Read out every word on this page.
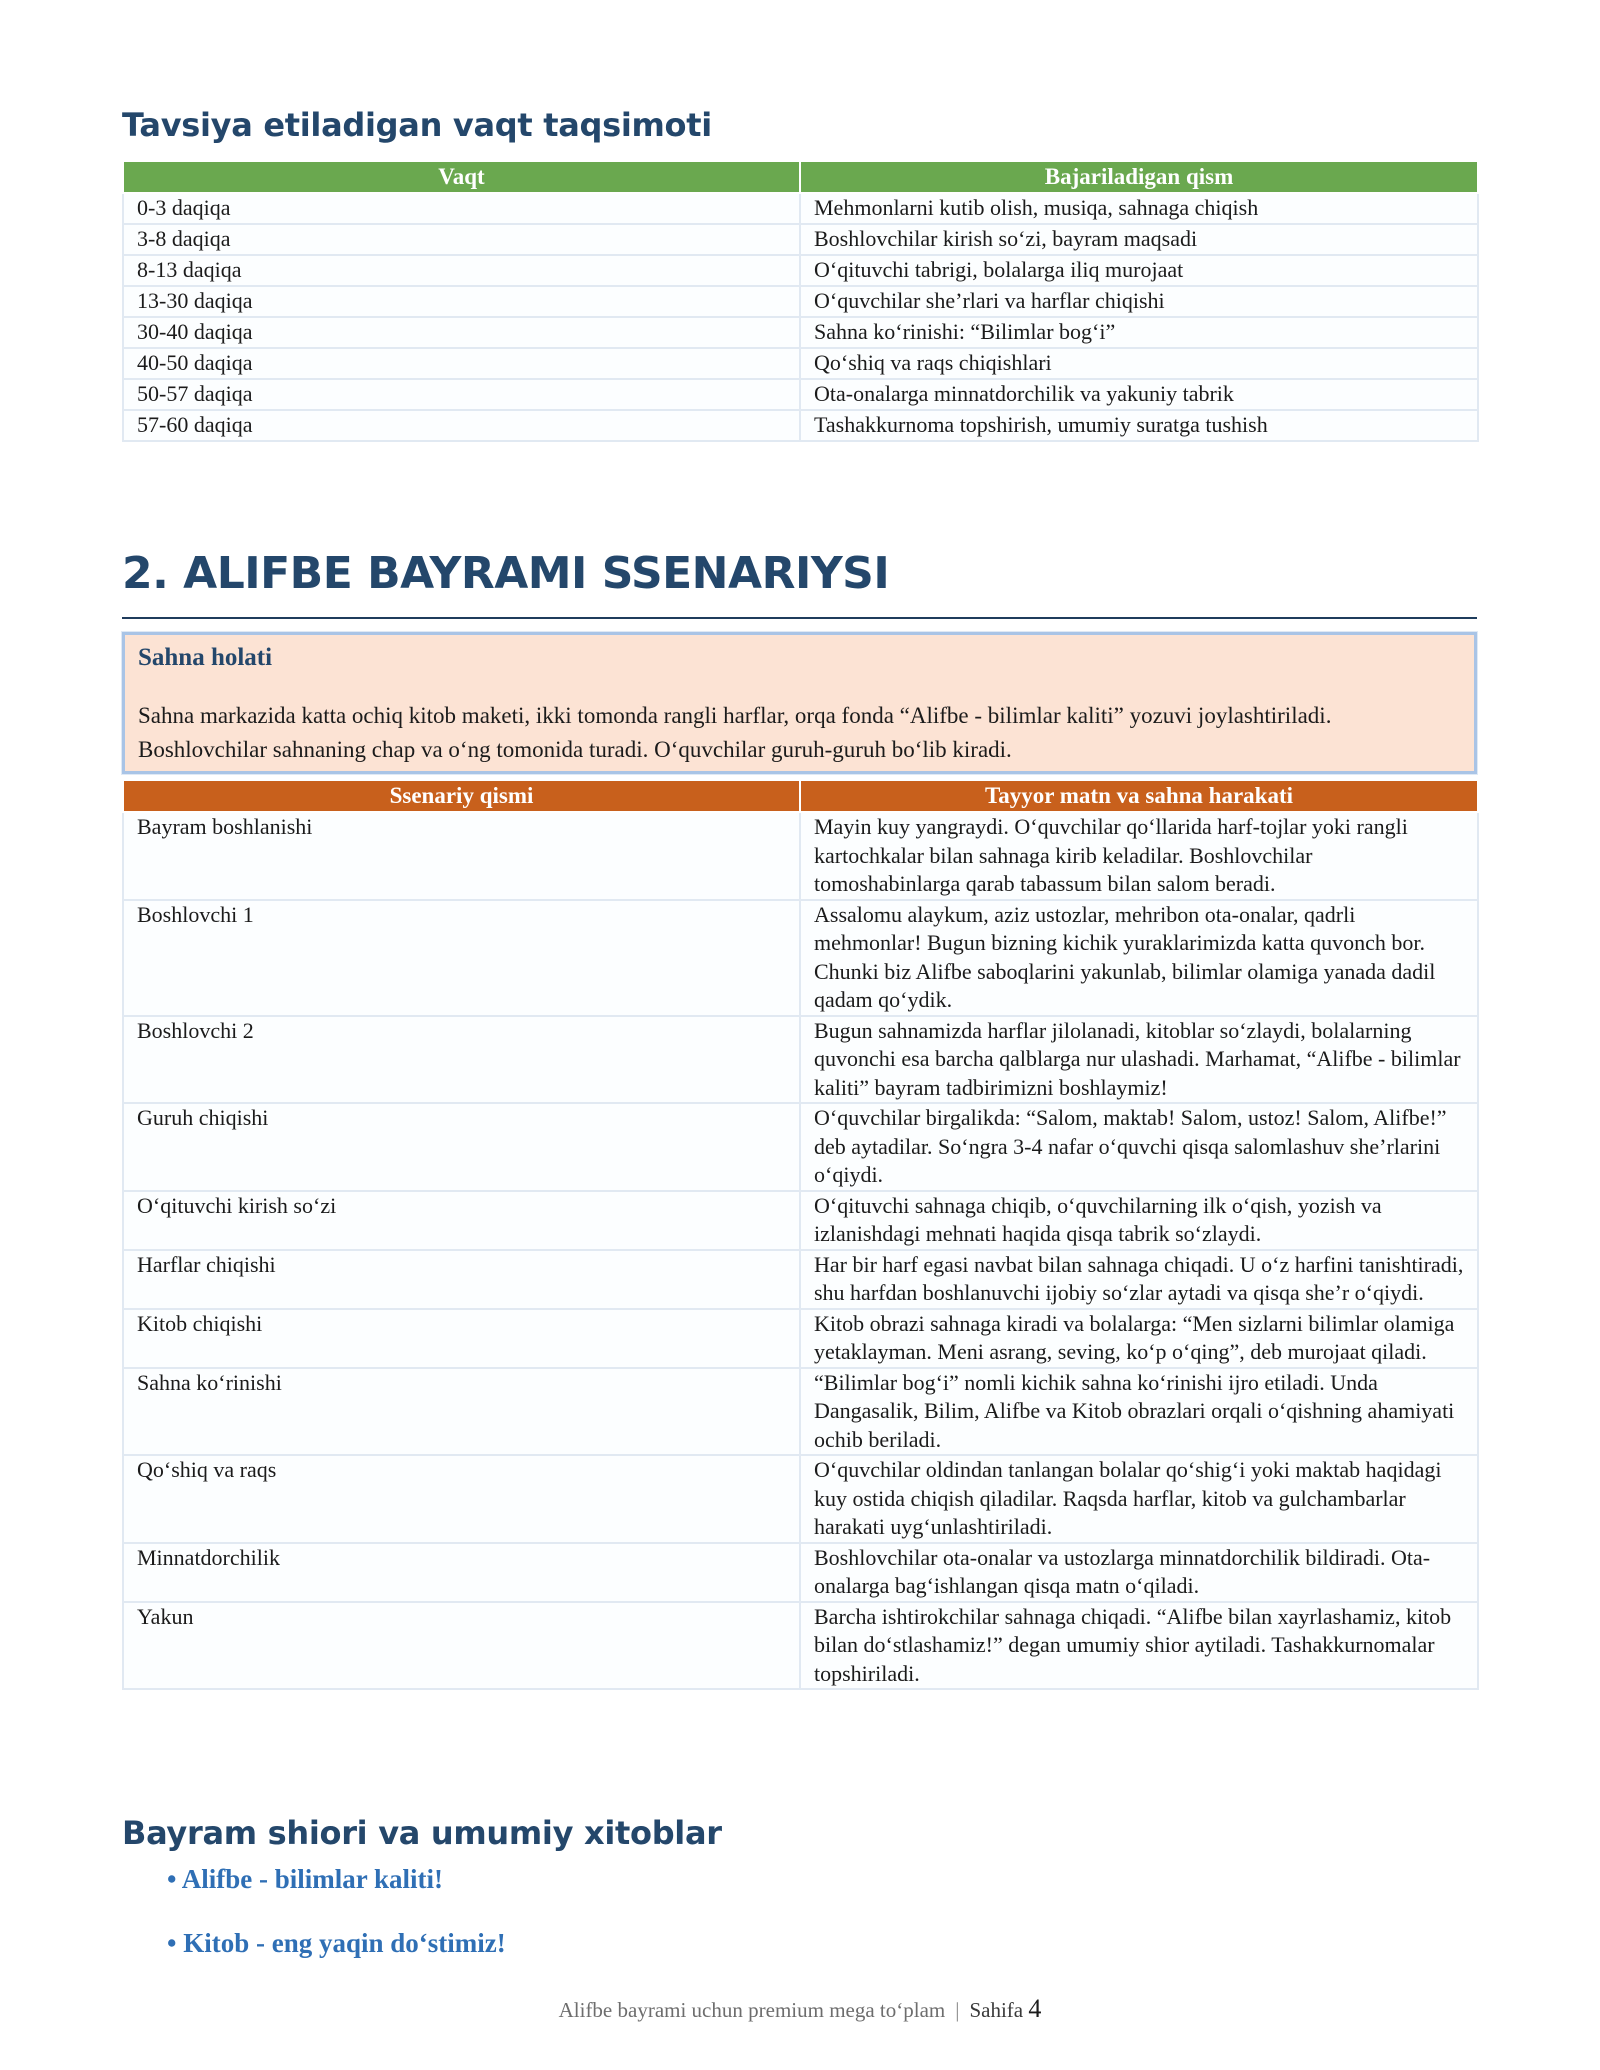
Tavsiya etiladigan vaqt taqsimoti
Vaqt	Bajariladigan qism
0-3 daqiqa	Mehmonlarni kutib olish, musiqa, sahnaga chiqish
3-8 daqiqa	Boshlovchilar kirish so‘zi, bayram maqsadi
8-13 daqiqa	O‘qituvchi tabrigi, bolalarga iliq murojaat
13-30 daqiqa	O‘quvchilar she’rlari va harflar chiqishi
30-40 daqiqa	Sahna ko‘rinishi: “Bilimlar bog‘i”
40-50 daqiqa	Qo‘shiq va raqs chiqishlari
50-57 daqiqa	Ota-onalarga minnatdorchilik va yakuniy tabrik
57-60 daqiqa	Tashakkurnoma topshirish, umumiy suratga tushish
2. ALIFBE BAYRAMI SSENARIYSI
Sahna holati
Sahna markazida katta ochiq kitob maketi, ikki tomonda rangli harflar, orqa fonda “Alifbe - bilimlar kaliti” yozuvi joylashtiriladi. Boshlovchilar sahnaning chap va o‘ng tomonida turadi. O‘quvchilar guruh-guruh bo‘lib kiradi.
Ssenariy qismi	Tayyor matn va sahna harakati
Bayram boshlanishi	Mayin kuy yangraydi. O‘quvchilar qo‘llarida harf-tojlar yoki rangli kartochkalar bilan sahnaga kirib keladilar. Boshlovchilar tomoshabinlarga qarab tabassum bilan salom beradi.
Boshlovchi 1	Assalomu alaykum, aziz ustozlar, mehribon ota-onalar, qadrli mehmonlar! Bugun bizning kichik yuraklarimizda katta quvonch bor. Chunki biz Alifbe saboqlarini yakunlab, bilimlar olamiga yanada dadil qadam qo‘ydik.
Boshlovchi 2	Bugun sahnamizda harflar jilolanadi, kitoblar so‘zlaydi, bolalarning quvonchi esa barcha qalblarga nur ulashadi. Marhamat, “Alifbe - bilimlar kaliti” bayram tadbirimizni boshlaymiz!
Guruh chiqishi	O‘quvchilar birgalikda: “Salom, maktab! Salom, ustoz! Salom, Alifbe!” deb aytadilar. So‘ngra 3-4 nafar o‘quvchi qisqa salomlashuv she’rlarini o‘qiydi.
O‘qituvchi kirish so‘zi	O‘qituvchi sahnaga chiqib, o‘quvchilarning ilk o‘qish, yozish va izlanishdagi mehnati haqida qisqa tabrik so‘zlaydi.
Harflar chiqishi	Har bir harf egasi navbat bilan sahnaga chiqadi. U o‘z harfini tanishtiradi, shu harfdan boshlanuvchi ijobiy so‘zlar aytadi va qisqa she’r o‘qiydi.
Kitob chiqishi	Kitob obrazi sahnaga kiradi va bolalarga: “Men sizlarni bilimlar olamiga yetaklayman. Meni asrang, seving, ko‘p o‘qing”, deb murojaat qiladi.
Sahna ko‘rinishi	“Bilimlar bog‘i” nomli kichik sahna ko‘rinishi ijro etiladi. Unda Dangasalik, Bilim, Alifbe va Kitob obrazlari orqali o‘qishning ahamiyati ochib beriladi.
Qo‘shiq va raqs	O‘quvchilar oldindan tanlangan bolalar qo‘shig‘i yoki maktab haqidagi kuy ostida chiqish qiladilar. Raqsda harflar, kitob va gulchambarlar harakati uyg‘unlashtiriladi.
Minnatdorchilik	Boshlovchilar ota-onalar va ustozlarga minnatdorchilik bildiradi. Ota-onalarga bag‘ishlangan qisqa matn o‘qiladi.
Yakun	Barcha ishtirokchilar sahnaga chiqadi. “Alifbe bilan xayrlashamiz, kitob bilan do‘stlashamiz!” degan umumiy shior aytiladi. Tashakkurnomalar topshiriladi.
Bayram shiori va umumiy xitoblar
• Alifbe - bilimlar kaliti!
• Kitob - eng yaqin do‘stimiz!
Alifbe bayrami uchun premium mega to‘plam | Sahifa 4
